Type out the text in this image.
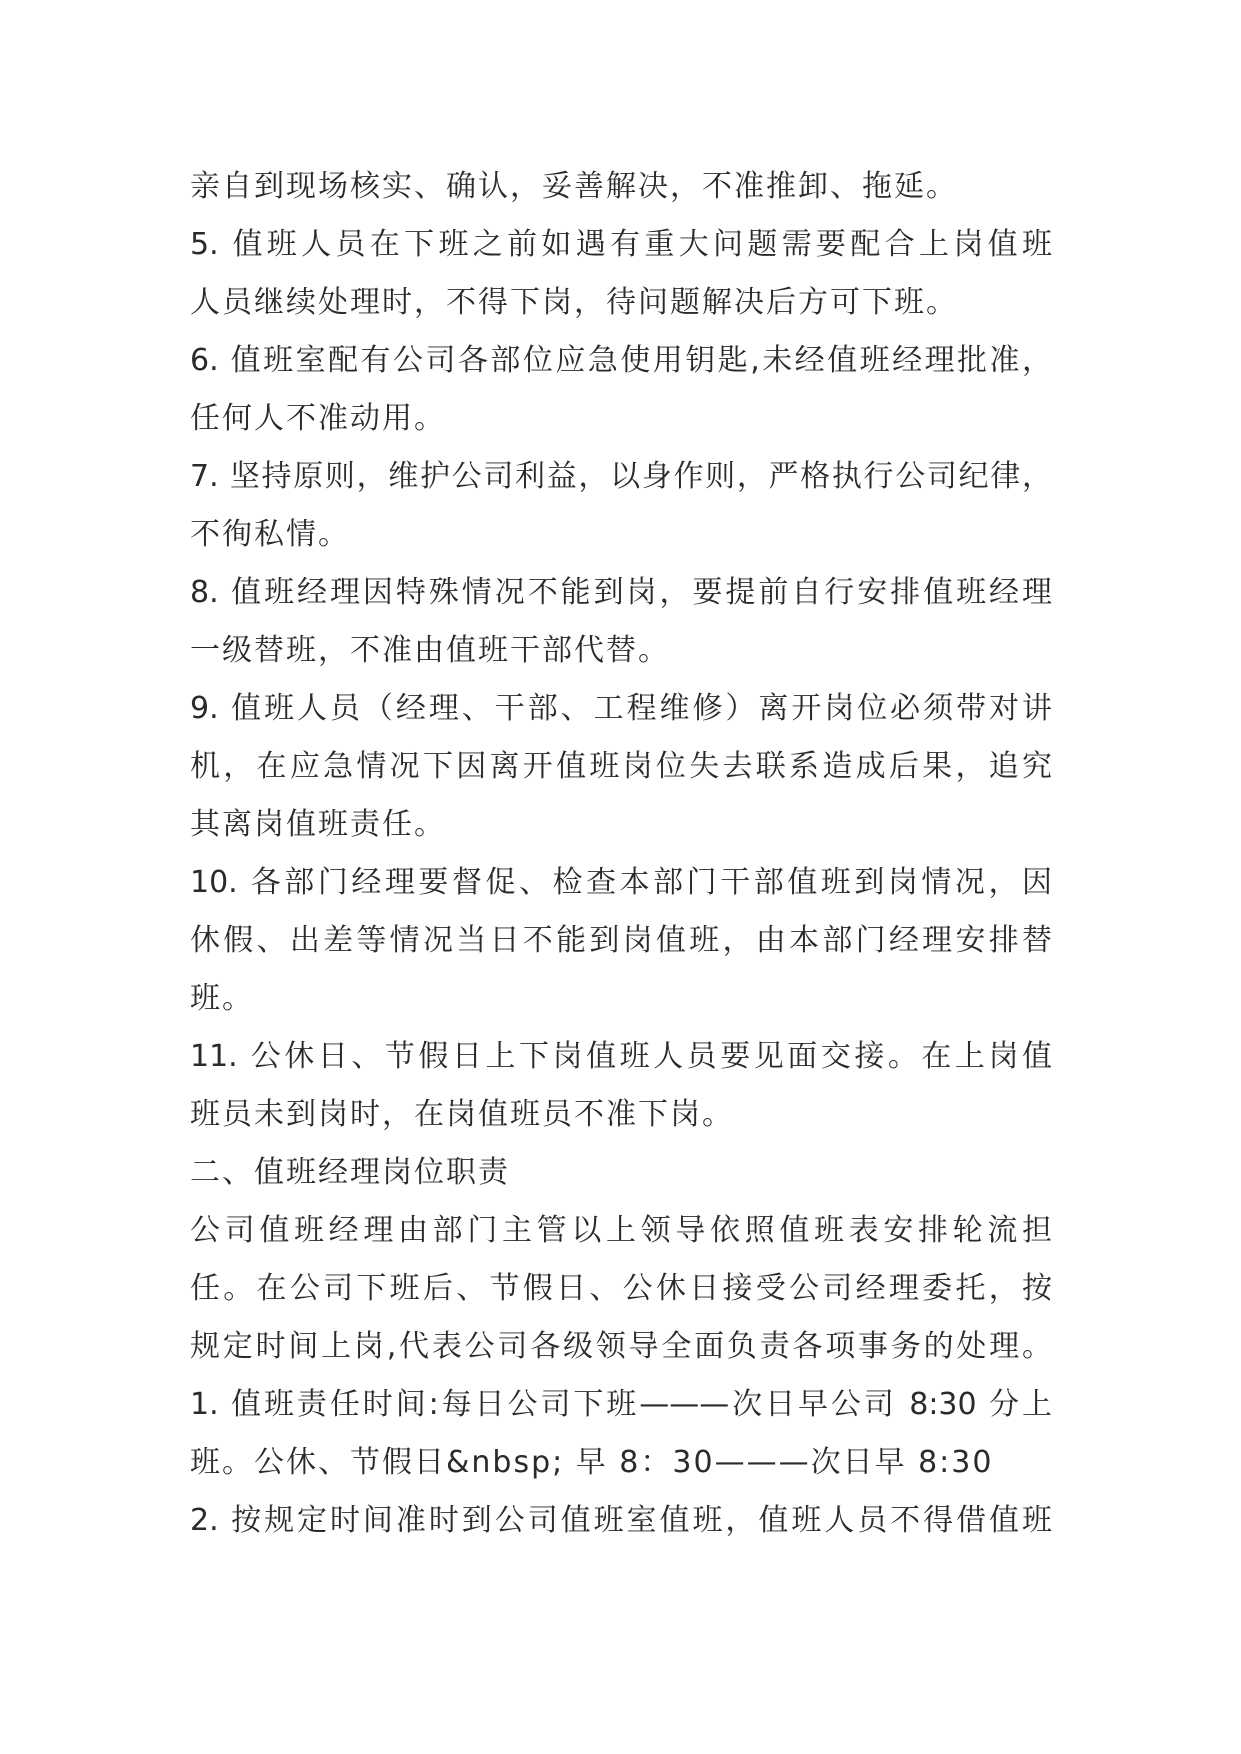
亲自到现场核实、确认，妥善解决，不准推卸、拖延。
5. 值班人员在下班之前如遇有重大问题需要配合上岗值班
人员继续处理时，不得下岗，待问题解决后方可下班。
6. 值班室配有公司各部位应急使用钥匙,未经值班经理批准，
任何人不准动用。
7. 坚持原则，维护公司利益，以身作则，严格执行公司纪律，
不徇私情。
8. 值班经理因特殊情况不能到岗，要提前自行安排值班经理
一级替班，不准由值班干部代替。
9. 值班人员（经理、干部、工程维修）离开岗位必须带对讲
机，在应急情况下因离开值班岗位失去联系造成后果，追究
其离岗值班责任。
10. 各部门经理要督促、检查本部门干部值班到岗情况，因
休假、出差等情况当日不能到岗值班，由本部门经理安排替
班。
11. 公休日、节假日上下岗值班人员要见面交接。在上岗值
班员未到岗时，在岗值班员不准下岗。
二、值班经理岗位职责
公司值班经理由部门主管以上领导依照值班表安排轮流担
任。在公司下班后、节假日、公休日接受公司经理委托，按
规定时间上岗,代表公司各级领导全面负责各项事务的处理。
1. 值班责任时间:每日公司下班———次日早公司 8:30 分上
班。公休、节假日&nbsp; 早 8：30———次日早 8:30
2. 按规定时间准时到公司值班室值班，值班人员不得借值班
